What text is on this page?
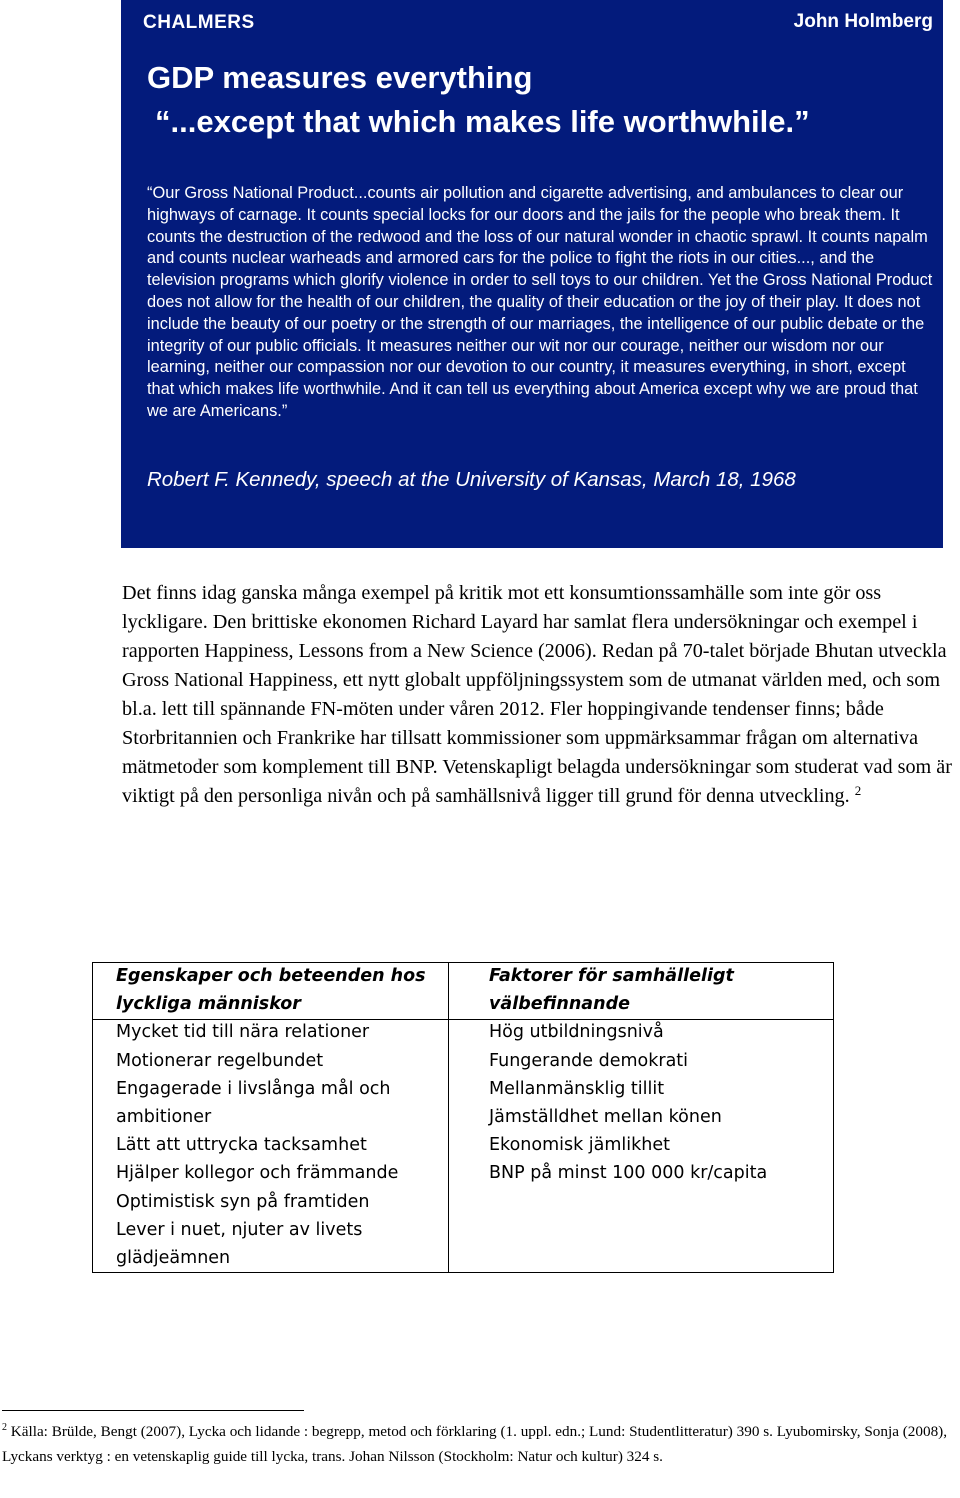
CHALMERS	John Holmberg
GDP measures everything
“...except that which makes life worthwhile.”
“Our Gross National Product...counts air pollution and cigarette advertising, and ambulances to clear our highways of carnage. It counts special locks for our doors and the jails for the people who break them. It counts the destruction of the redwood and the loss of our natural wonder in chaotic sprawl. It counts napalm and counts nuclear warheads and armored cars for the police to fight the riots in our cities..., and the television programs which glorify violence in order to sell toys to our children. Yet the Gross National Product does not allow for the health of our children, the quality of their education or the joy of their play. It does not include the beauty of our poetry or the strength of our marriages, the intelligence of our public debate or the integrity of our public officials. It measures neither our wit nor our courage, neither our wisdom nor our learning, neither our compassion nor our devotion to our country, it measures everything, in short, except that which makes life worthwhile. And it can tell us everything about America except why we are proud that we are Americans.”
Robert F. Kennedy, speech at the University of Kansas, March 18, 1968
Det finns idag ganska många exempel på kritik mot ett konsumtionssamhälle som inte gör oss lyckligare. Den brittiske ekonomen Richard Layard har samlat flera undersökningar och exempel i rapporten Happiness, Lessons from a New Science (2006). Redan på 70-talet började Bhutan utveckla Gross National Happiness, ett nytt globalt uppföljningssystem som de utmanat världen med, och som bl.a. lett till spännande FN-möten under våren 2012. Fler hoppingivande tendenser finns; både Storbritannien och Frankrike har tillsatt kommissioner som uppmärksammar frågan om alternativa mätmetoder som komplement till BNP. Vetenskapligt belagda undersökningar som studerat vad som är viktigt på den personliga nivån och på samhällsnivå ligger till grund för denna utveckling. $^2$
Egenskaper och beteenden hos lyckliga människor
Mycket tid till nära relationer
Motionerar regelbundet
Engagerade i livslånga mål och ambitioner
Lätt att uttrycka tacksamhet
Hjälper kollegor och främmande
Optimistisk syn på framtiden
Lever i nuet, njuter av livets glädjeämnen
Faktorer för samhälleligt välbefinnande
Hög utbildningsnivå
Fungerande demokrati
Mellanmänsklig tillit
Jämställdhet mellan könen
Ekonomisk jämlikhet
BNP på minst 100 000 kr/capita
$^2$ Källa: Brülde, Bengt (2007), Lycka och lidande : begrepp, metod och förklaring (1. uppl. edn.; Lund: Studentlitteratur) 390 s. Lyubomirsky, Sonja (2008), Lyckans verktyg : en vetenskaplig guide till lycka, trans. Johan Nilsson (Stockholm: Natur och kultur) 324 s.
